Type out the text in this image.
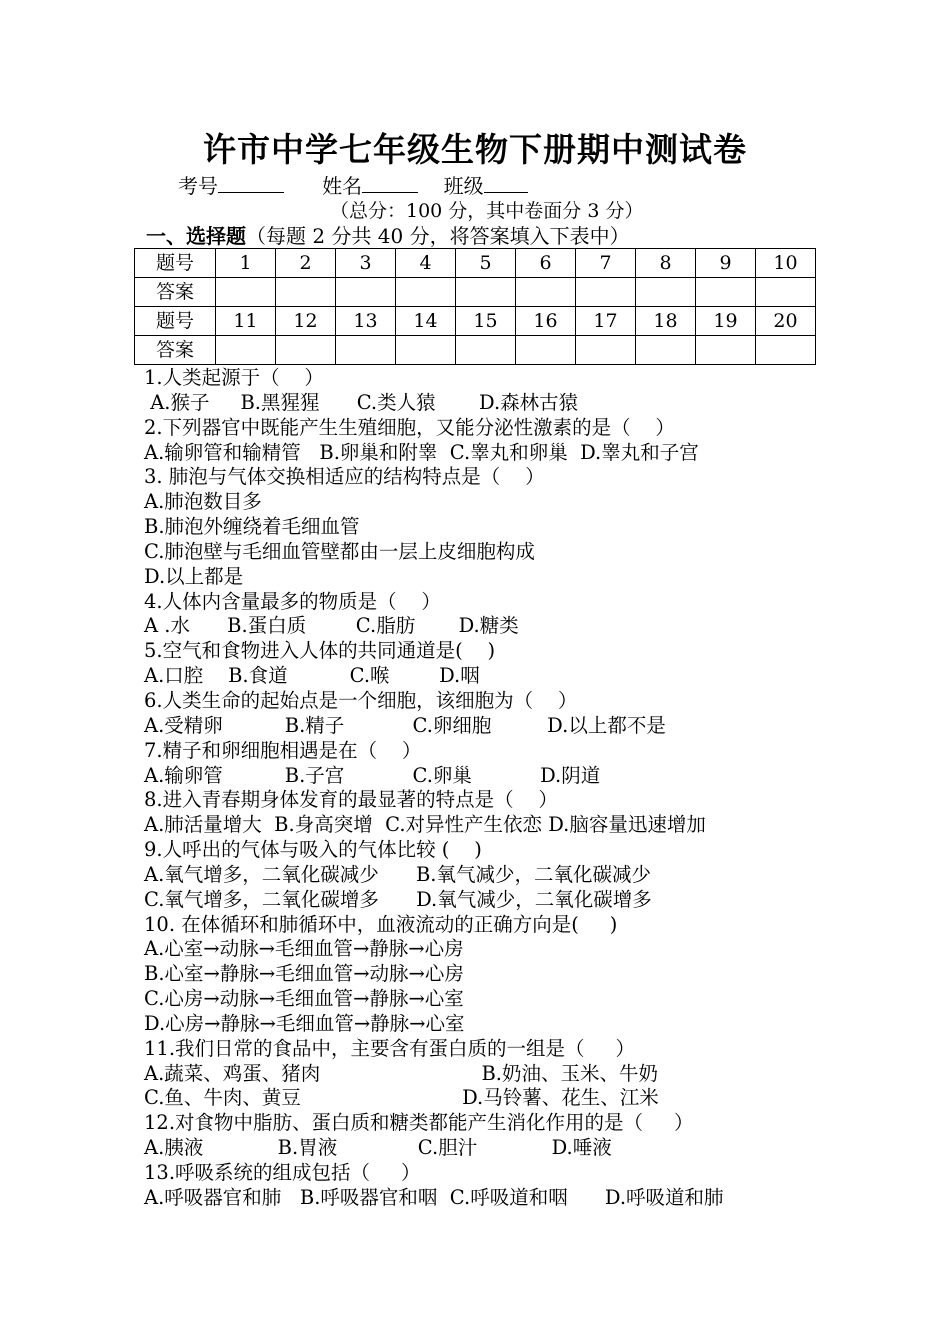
许市中学七年级生物下册期中测试卷
考号	姓名	班级
（总分：100 分，其中卷面分 3 分）
一、选择题（每题 2 分共 40 分，将答案填入下表中）
题号	1	2	3	4	5	6	7	8	9	10
答案										
题号	11	12	13	14	15	16	17	18	19	20
答案										
1.人类起源于（    ）
A.猴子     B.黑猩猩      C.类人猿       D.森林古猿
2.下列器官中既能产生生殖细胞，又能分泌性激素的是（    ）
A.输卵管和输精管   B.卵巢和附睾  C.睾丸和卵巢  D.睾丸和子宫
3. 肺泡与气体交换相适应的结构特点是（    ）
A.肺泡数目多
B.肺泡外缠绕着毛细血管
C.肺泡壁与毛细血管壁都由一层上皮细胞构成
D.以上都是
4.人体内含量最多的物质是（    ）
A .水      B.蛋白质        C.脂肪       D.糖类
5.空气和食物进入人体的共同通道是(    )
A.口腔    B.食道          C.喉        D.咽
6.人类生命的起始点是一个细胞，该细胞为（    ）
A.受精卵          B.精子           C.卵细胞         D.以上都不是
7.精子和卵细胞相遇是在（    ）
A.输卵管          B.子宫           C.卵巢           D.阴道
8.进入青春期身体发育的最显著的特点是（    ）
A.肺活量增大  B.身高突增  C.对异性产生依恋 D.脑容量迅速增加
9.人呼出的气体与吸入的气体比较 (    )
A.氧气增多，二氧化碳减少      B.氧气减少，二氧化碳减少
C.氧气增多，二氧化碳增多      D.氧气减少，二氧化碳增多
10. 在体循环和肺循环中，血液流动的正确方向是(     )
A.心室→动脉→毛细血管→静脉→心房
B.心室→静脉→毛细血管→动脉→心房
C.心房→动脉→毛细血管→静脉→心室
D.心房→静脉→毛细血管→静脉→心室
11.我们日常的食品中，主要含有蛋白质的一组是（     ）
A.蔬菜、鸡蛋、猪肉                          B.奶油、玉米、牛奶
C.鱼、牛肉、黄豆                          D.马铃薯、花生、江米
12.对食物中脂肪、蛋白质和糖类都能产生消化作用的是（     ）
A.胰液            B.胃液             C.胆汁            D.唾液
13.呼吸系统的组成包括（     ）
A.呼吸器官和肺   B.呼吸器官和咽  C.呼吸道和咽      D.呼吸道和肺
